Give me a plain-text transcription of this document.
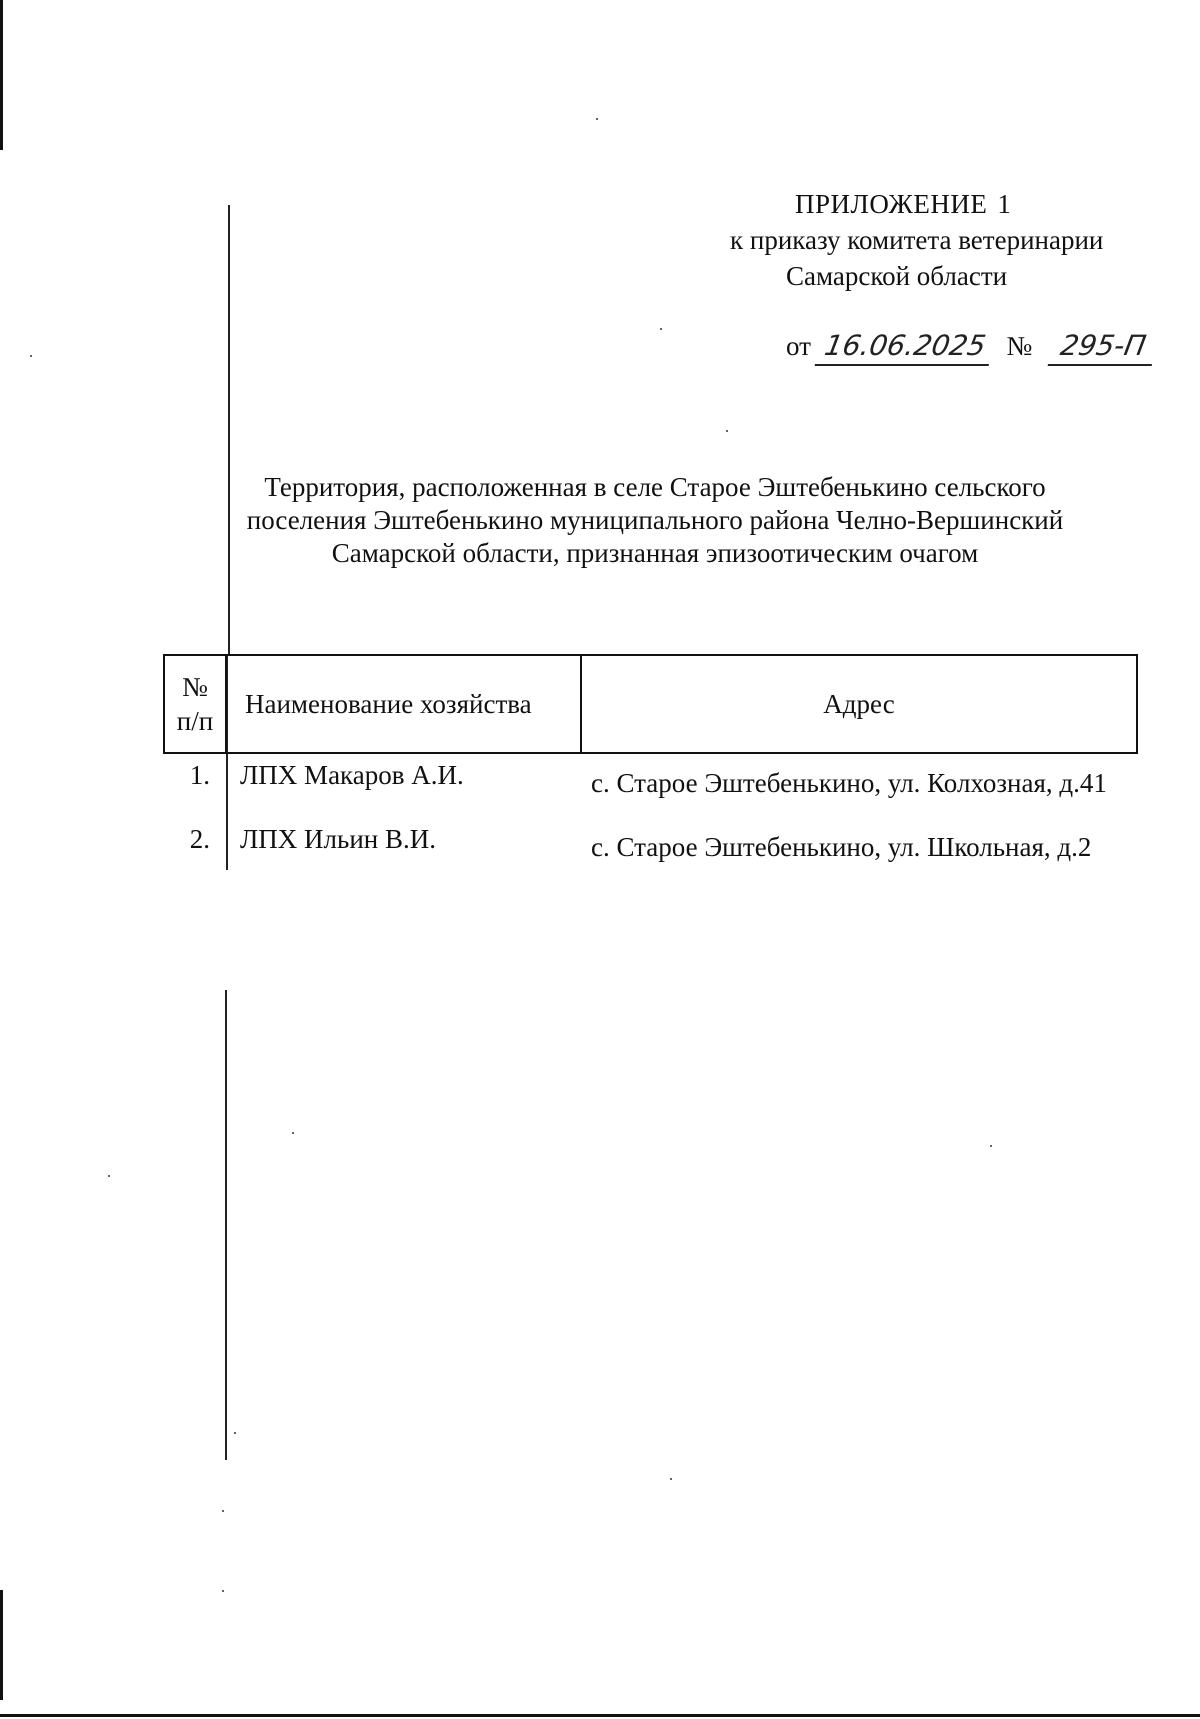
ПРИЛОЖЕНИЕ 1
к приказу комитета ветеринарии
Самарской области
от 16.06.2025 № 295-П
Территория, расположенная в селе Старое Эштебенькино сельского
поселения Эштебенькино муниципального района Челно-Вершинский
Самарской области, признанная эпизоотическим очагом
№
п/п	Наименование хозяйства	Адрес
1.	ЛПХ Макаров А.И.	с. Старое Эштебенькино, ул. Колхозная, д.41
2.	ЛПХ Ильин В.И.	с. Старое Эштебенькино, ул. Школьная, д.2
